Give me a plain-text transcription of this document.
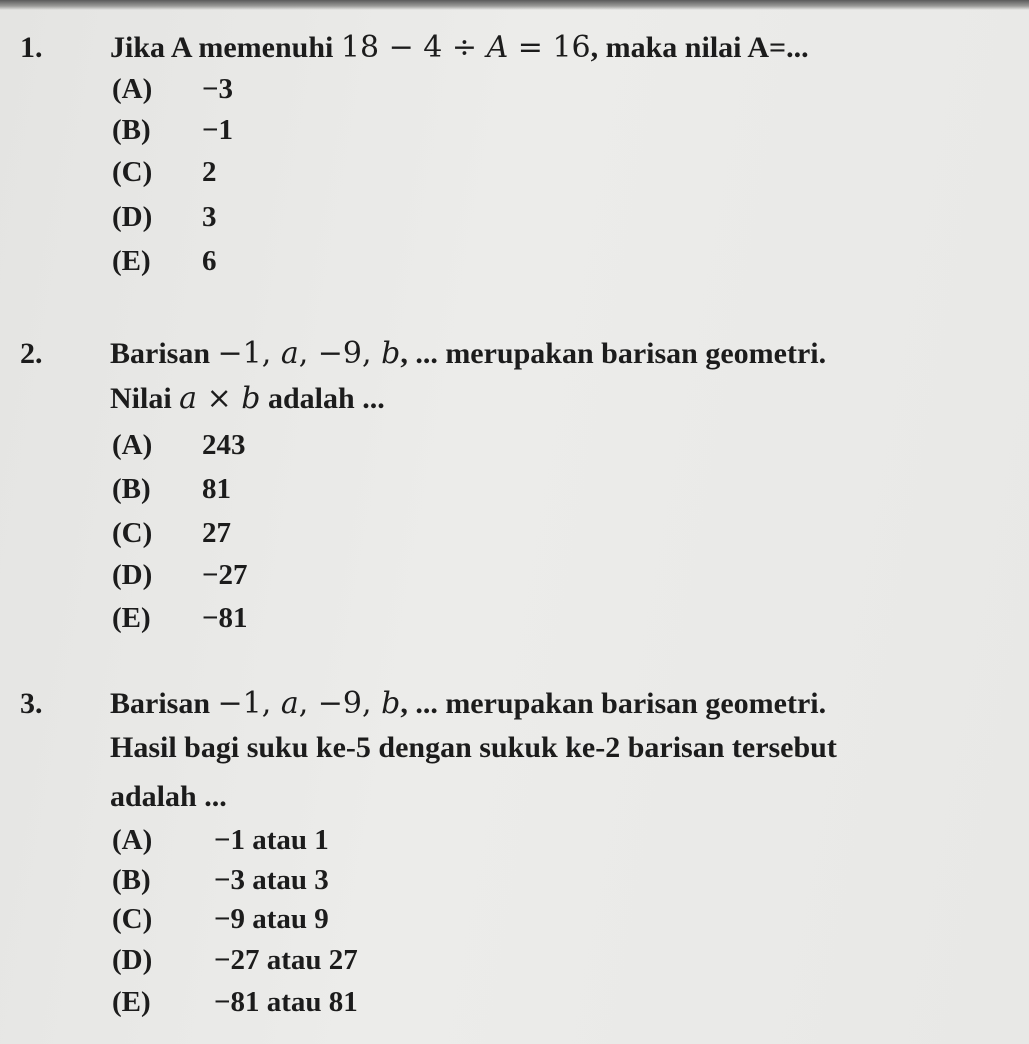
1. Jika A memenuhi 18 − 4 ÷ A = 16, maka nilai A=...
(A) −3
(B) −1
(C) 2
(D) 3
(E) 6
2. Barisan −1, a, −9, b, ... merupakan barisan geometri.
Nilai a × b adalah ...
(A) 243
(B) 81
(C) 27
(D) −27
(E) −81
3. Barisan −1, a, −9, b, ... merupakan barisan geometri.
Hasil bagi suku ke-5 dengan sukuk ke-2 barisan tersebut
adalah ...
(A) −1 atau 1
(B) −3 atau 3
(C) −9 atau 9
(D) −27 atau 27
(E) −81 atau 81
